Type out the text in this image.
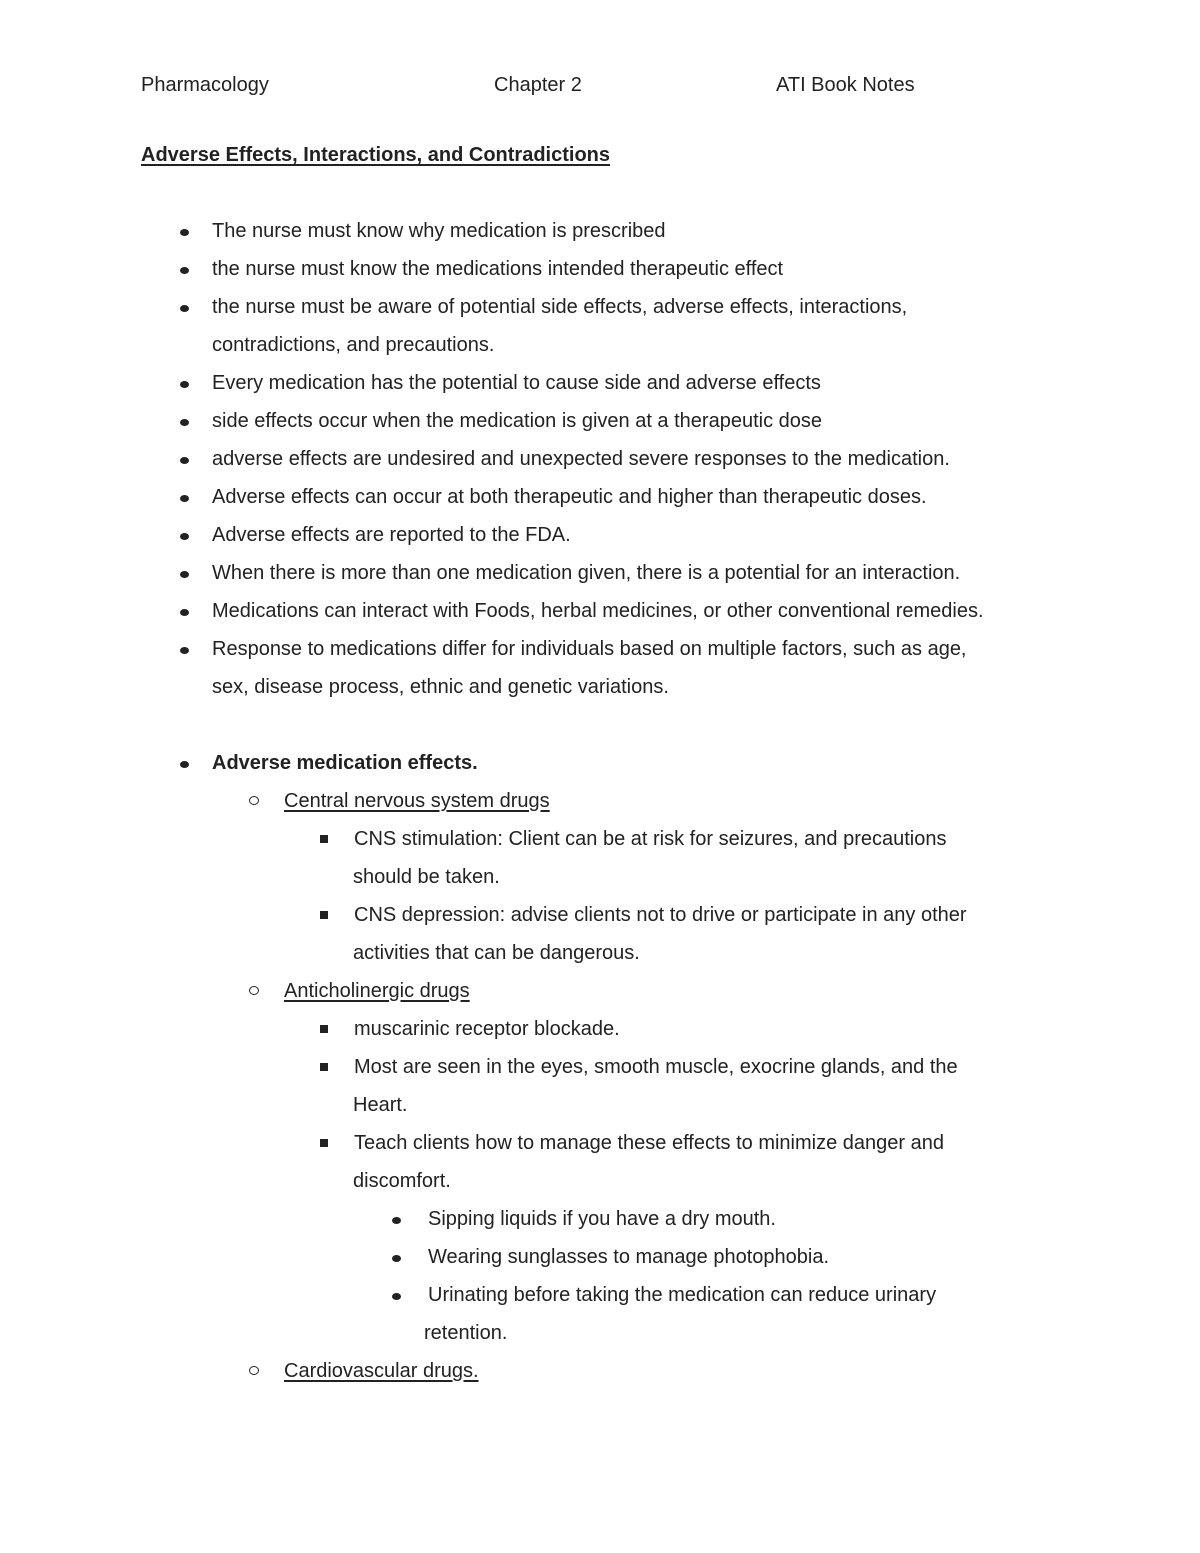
Pharmacology	Chapter 2	ATI Book Notes
Adverse Effects, Interactions, and Contradictions
The nurse must know why medication is prescribed
the nurse must know the medications intended therapeutic effect
the nurse must be aware of potential side effects, adverse effects, interactions,
contradictions, and precautions.
Every medication has the potential to cause side and adverse effects
side effects occur when the medication is given at a therapeutic dose
adverse effects are undesired and unexpected severe responses to the medication.
Adverse effects can occur at both therapeutic and higher than therapeutic doses.
Adverse effects are reported to the FDA.
When there is more than one medication given, there is a potential for an interaction.
Medications can interact with Foods, herbal medicines, or other conventional remedies.
Response to medications differ for individuals based on multiple factors, such as age,
sex, disease process, ethnic and genetic variations.
Adverse medication effects.
Central nervous system drugs
CNS stimulation: Client can be at risk for seizures, and precautions
should be taken.
CNS depression: advise clients not to drive or participate in any other
activities that can be dangerous.
Anticholinergic drugs
muscarinic receptor blockade.
Most are seen in the eyes, smooth muscle, exocrine glands, and the
Heart.
Teach clients how to manage these effects to minimize danger and
discomfort.
Sipping liquids if you have a dry mouth.
Wearing sunglasses to manage photophobia.
Urinating before taking the medication can reduce urinary
retention.
Cardiovascular drugs.
